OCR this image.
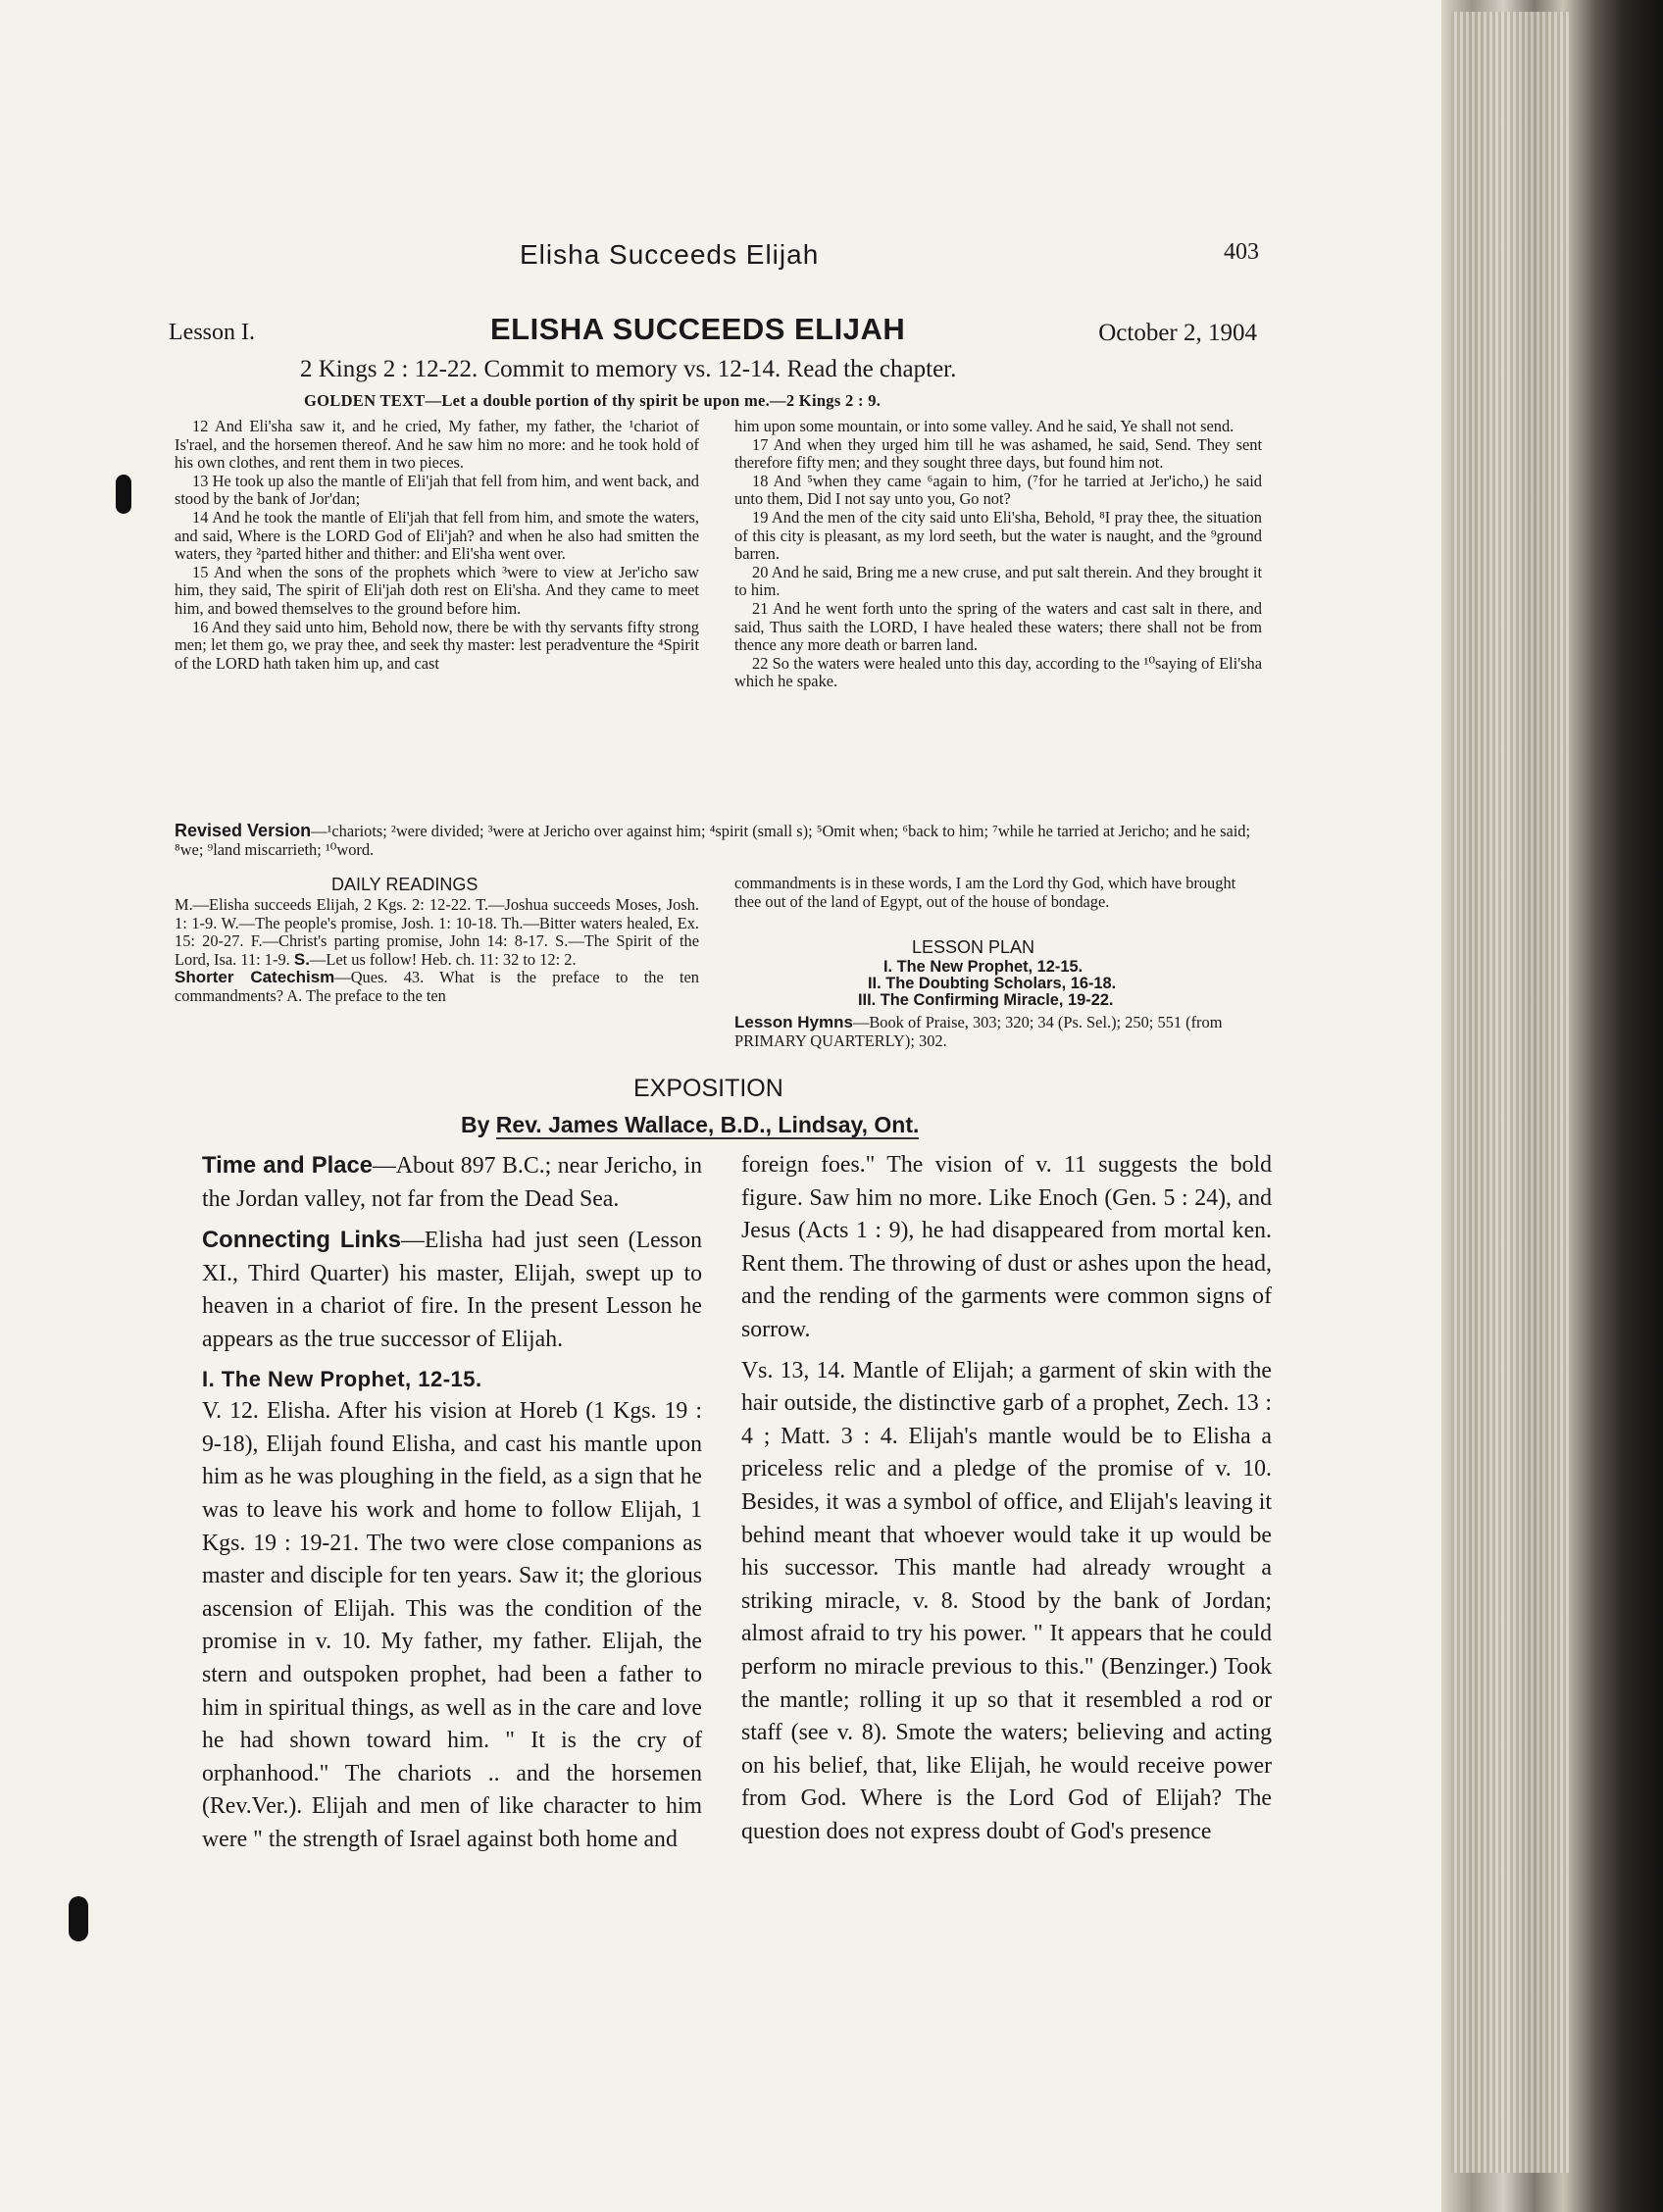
Elisha Succeeds Elijah	403
Lesson I.	ELISHA SUCCEEDS ELIJAH	October 2, 1904
2 Kings 2 : 12-22. Commit to memory vs. 12-14. Read the chapter.
GOLDEN TEXT—Let a double portion of thy spirit be upon me.—2 Kings 2 : 9.

12 And Eli'sha saw it, and he cried, My father, my father, the ¹chariot of Is'rael, and the horsemen thereof. And he saw him no more: and he took hold of his own clothes, and rent them in two pieces.

13 He took up also the mantle of Eli'jah that fell from him, and went back, and stood by the bank of Jor'dan;

14 And he took the mantle of Eli'jah that fell from him, and smote the waters, and said, Where is the LORD God of Eli'jah? and when he also had smitten the waters, they ²parted hither and thither: and Eli'sha went over.

15 And when the sons of the prophets which ³were to view at Jer'icho saw him, they said, The spirit of Eli'jah doth rest on Eli'sha. And they came to meet him, and bowed themselves to the ground before him.

16 And they said unto him, Behold now, there be with thy servants fifty strong men; let them go, we pray thee, and seek thy master: lest peradventure the ⁴Spirit of the LORD hath taken him up, and cast

him upon some mountain, or into some valley. And he said, Ye shall not send.

17 And when they urged him till he was ashamed, he said, Send. They sent therefore fifty men; and they sought three days, but found him not.

18 And ⁵when they came ⁶again to him, (⁷for he tarried at Jer'icho,) he said unto them, Did I not say unto you, Go not?

19 And the men of the city said unto Eli'sha, Behold, ⁸I pray thee, the situation of this city is pleasant, as my lord seeth, but the water is naught, and the ⁹ground barren.

20 And he said, Bring me a new cruse, and put salt therein. And they brought it to him.

21 And he went forth unto the spring of the waters and cast salt in there, and said, Thus saith the LORD, I have healed these waters; there shall not be from thence any more death or barren land.

22 So the waters were healed unto this day, according to the ¹⁰saying of Eli'sha which he spake.

Revised Version—¹chariots; ²were divided; ³were at Jericho over against him; ⁴spirit (small s); ⁵Omit when; ⁶back to him; ⁷while he tarried at Jericho; and he said; ⁸we; ⁹land miscarrieth; ¹⁰word.
DAILY READINGS
M.—Elisha succeeds Elijah, 2 Kgs. 2: 12-22. T.—Joshua succeeds Moses, Josh. 1: 1-9. W.—The people's promise, Josh. 1: 10-18. Th.—Bitter waters healed, Ex. 15: 20-27. F.—Christ's parting promise, John 14: 8-17. S.—The Spirit of the Lord, Isa. 11: 1-9. S.—Let us follow! Heb. ch. 11: 32 to 12: 2.
Shorter Catechism—Ques. 43. What is the preface to the ten commandments? A. The preface to the ten
commandments is in these words, I am the Lord thy God, which have brought thee out of the land of Egypt, out of the house of bondage.
LESSON PLAN
I. The New Prophet, 12-15.
II. The Doubting Scholars, 16-18.
III. The Confirming Miracle, 19-22.
Lesson Hymns—Book of Praise, 303; 320; 34 (Ps. Sel.); 250; 551 (from PRIMARY QUARTERLY); 302.
EXPOSITION
By Rev. James Wallace, B.D., Lindsay, Ont.

Time and Place—About 897 B.C.; near Jericho, in the Jordan valley, not far from the Dead Sea.

Connecting Links—Elisha had just seen (Lesson XI., Third Quarter) his master, Elijah, swept up to heaven in a chariot of fire. In the present Lesson he appears as the true successor of Elijah.

I. The New Prophet, 12-15.

V. 12. Elisha. After his vision at Horeb (1 Kgs. 19 : 9-18), Elijah found Elisha, and cast his mantle upon him as he was ploughing in the field, as a sign that he was to leave his work and home to follow Elijah, 1 Kgs. 19 : 19-21. The two were close companions as master and disciple for ten years. Saw it; the glorious ascension of Elijah. This was the condition of the promise in v. 10. My father, my father. Elijah, the stern and outspoken prophet, had been a father to him in spiritual things, as well as in the care and love he had shown toward him. " It is the cry of orphanhood." The chariots .. and the horsemen (Rev.Ver.). Elijah and men of like character to him were " the strength of Israel against both home and

foreign foes." The vision of v. 11 suggests the bold figure. Saw him no more. Like Enoch (Gen. 5 : 24), and Jesus (Acts 1 : 9), he had disappeared from mortal ken. Rent them. The throwing of dust or ashes upon the head, and the rending of the garments were common signs of sorrow.

Vs. 13, 14. Mantle of Elijah; a garment of skin with the hair outside, the distinctive garb of a prophet, Zech. 13 : 4 ; Matt. 3 : 4. Elijah's mantle would be to Elisha a priceless relic and a pledge of the promise of v. 10. Besides, it was a symbol of office, and Elijah's leaving it behind meant that whoever would take it up would be his successor. This mantle had already wrought a striking miracle, v. 8. Stood by the bank of Jordan; almost afraid to try his power. " It appears that he could perform no miracle previous to this." (Benzinger.) Took the mantle; rolling it up so that it resembled a rod or staff (see v. 8). Smote the waters; believing and acting on his belief, that, like Elijah, he would receive power from God. Where is the Lord God of Elijah? The question does not express doubt of God's presence
